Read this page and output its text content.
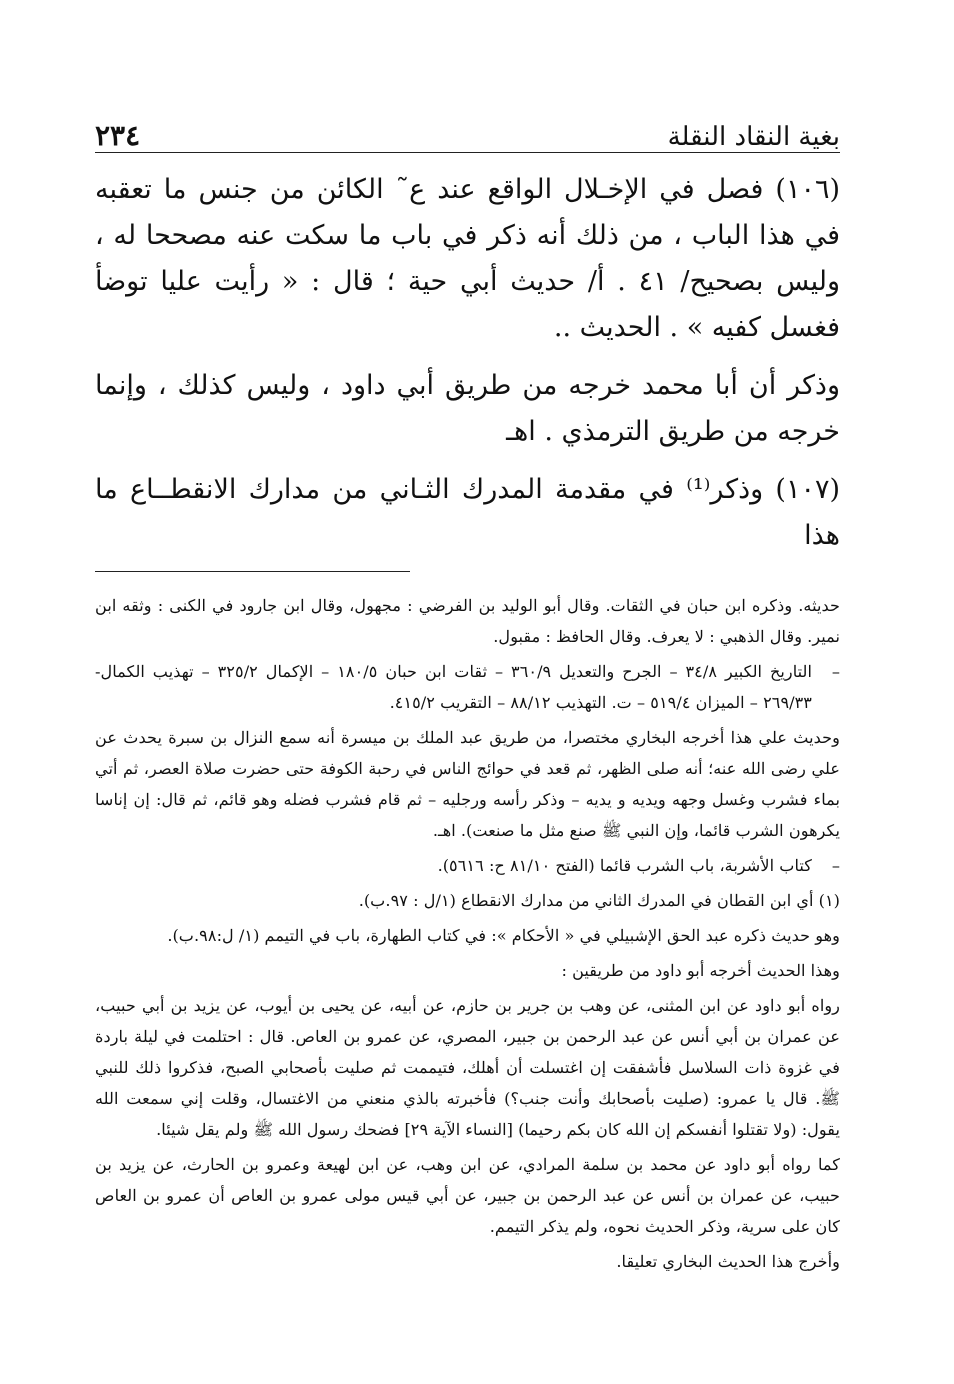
بغية النقاد النقلة
٢٣٤

(١٠٦) فصل في الإخـلال الواقع عند ع˜ الكائن من جنس ما تعقبه في هذا الباب ، من ذلك أنه ذكر في باب ما سكت عنه مصححا له ، وليس بصحيح/ ٤١ . أ/ حديث أبي حية ؛ قال : « رأيت عليا توضأ فغسل كفيه » . الحديث ..

وذكر أن أبا محمد خرجه من طريق أبي داود ، وليس كذلك ، وإنما خرجه من طريق الترمذي . اهـ

(١٠٧) وذكر⁽¹⁾ في مقدمة المدرك الثـاني من مدارك الانقطــاع ما هذا

حديثه. وذكره ابن حبان في الثقات. وقال أبو الوليد بن الفرضي : مجهول، وقال ابن جارود في الكنى : وثقه ابن نمير. وقال الذهبي : لا يعرف. وقال الحافظ : مقبول.

–
التاريخ الكبير ٣٤/٨ – الجرح والتعديل ٣٦٠/٩ – ثقات ابن حبان ١٨٠/٥ – الإكمال ٣٢٥/٢ – تهذيب الكمال- ٢٦٩/٣٣ – الميزان ٥١٩/٤ – ت. التهذيب ٨٨/١٢ – التقريب ٤١٥/٢.

وحديث علي هذا أخرجه البخاري مختصرا، من طريق عبد الملك بن ميسرة أنه سمع النزال بن سبرة يحدث عن علي رضى الله عنه؛ أنه صلى الظهر، ثم قعد في حوائج الناس في رحبة الكوفة حتى حضرت صلاة العصر، ثم أتي بماء فشرب وغسل وجهه ويديه و يديه – وذكر رأسه ورجليه – ثم قام فشرب فضله وهو قائم، ثم قال: إن إناسا يكرهون الشرب قائما، وإن النبي ﷺ صنع مثل ما صنعت). اهـ.

–
كتاب الأشربة، باب الشرب قائما (الفتح ٨١/١٠ ح: ٥٦١٦).

(١) أي ابن القطان في المدرك الثاني من مدارك الانقطاع (١/ل : ٩٧.ب).

وهو حديث ذكره عبد الحق الإشبيلي في « الأحكام »: في كتاب الطهارة، باب في التيمم (١/ ل:٩٨.ب).

وهذا الحديث أخرجه أبو داود من طريقين :

رواه أبو داود عن ابن المثنى، عن وهب بن جرير بن حازم، عن أبيه، عن يحيى بن أيوب، عن يزيد بن أبي حبيب، عن عمران بن أبي أنس عن عبد الرحمن بن جبير، المصري، عن عمرو بن العاص. قال : احتلمت في ليلة باردة في غزوة ذات السلاسل فأشفقت إن اغتسلت أن أهلك، فتيممت ثم صليت بأصحابي الصبح، فذكروا ذلك للنبي ﷺ. قال يا عمرو: (صليت بأصحابك وأنت جنب؟) فأخبرته بالذي منعني من الاغتسال، وقلت إني سمعت الله يقول: (ولا تقتلوا أنفسكم إن الله كان بكم رحيما) [النساء الآية ٢٩] فضحك رسول الله ﷺ ولم يقل شيئا.

كما رواه أبو داود عن محمد بن سلمة المرادي، عن ابن وهب، عن ابن لهيعة وعمرو بن الحارث، عن يزيد بن حبيب، عن عمران بن أنس عن عبد الرحمن بن جبير، عن أبي قيس مولى عمرو بن العاص أن عمرو بن العاص كان على سرية، وذكر الحديث نحوه، ولم يذكر التيمم.

وأخرج هذا الحديث البخاري تعليقا.
